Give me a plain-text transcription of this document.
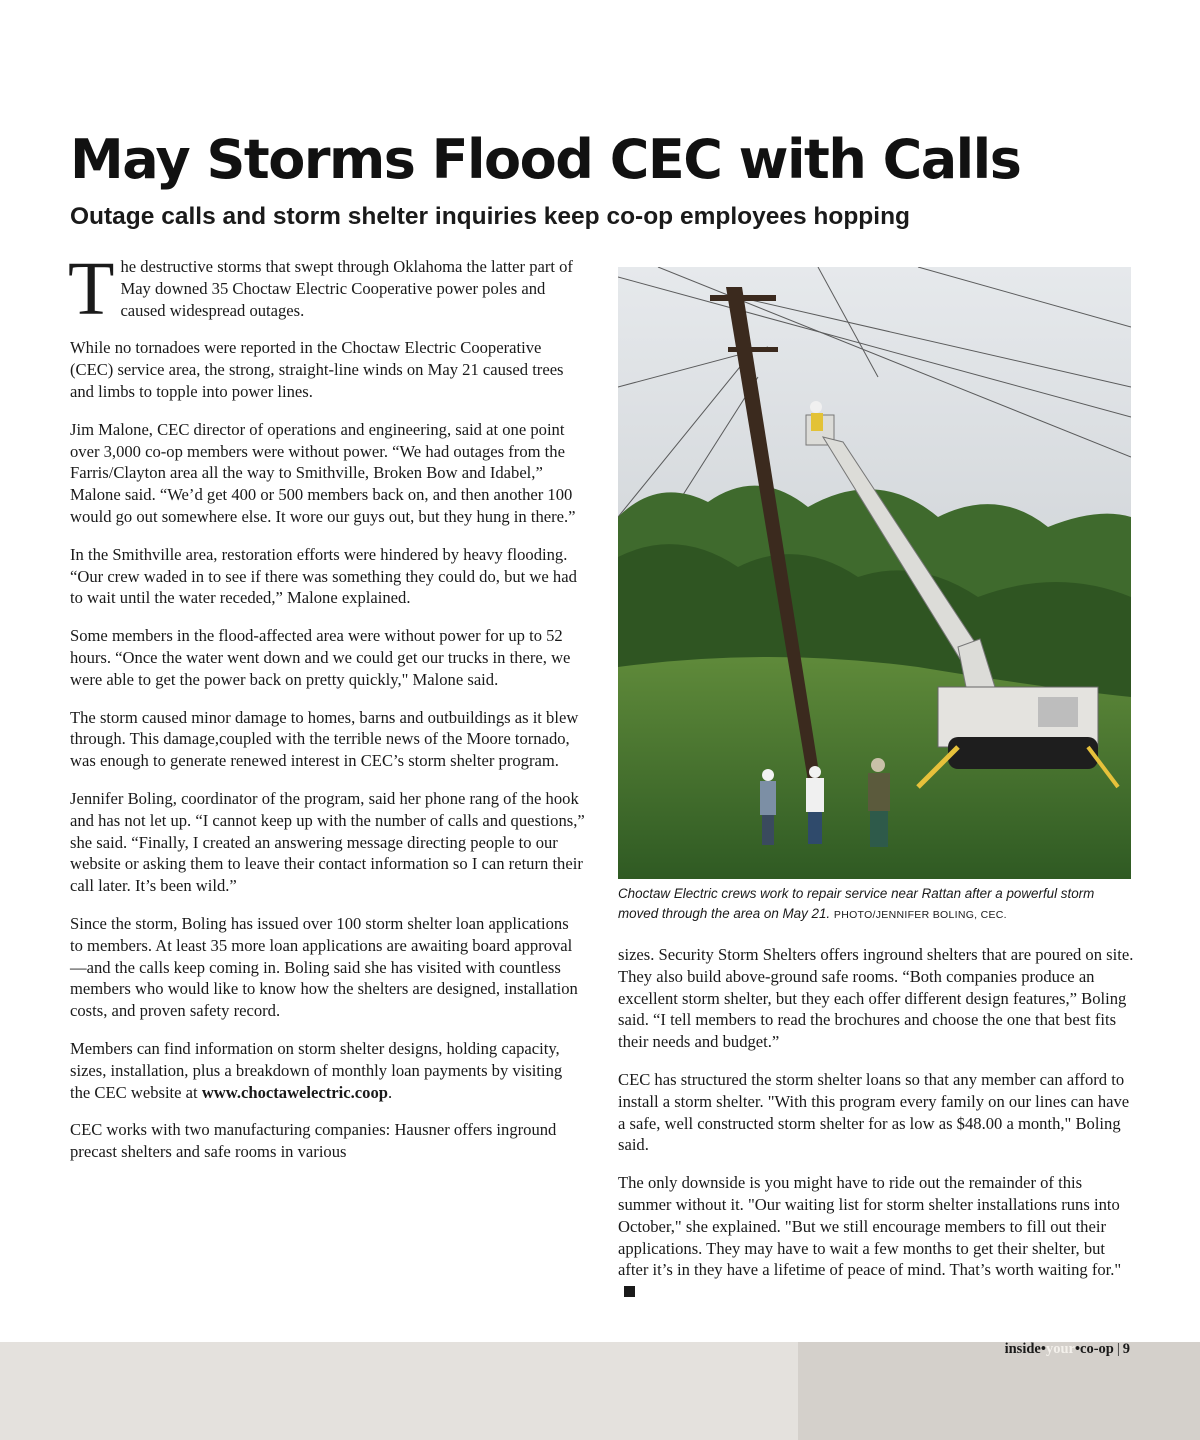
May Storms Flood CEC with Calls
Outage calls and storm shelter inquiries keep co-op employees hopping

The destructive storms that swept through Oklahoma the latter part of May downed 35 Choctaw Electric Cooperative power poles and caused widespread outages.

While no tornadoes were reported in the Choctaw Electric Cooperative (CEC) service area, the strong, straight-line winds on May 21 caused trees and limbs to topple into power lines.

Jim Malone, CEC director of operations and engineering, said at one point over 3,000 co-op members were without power. “We had outages from the Farris/Clayton area all the way to Smithville, Broken Bow and Idabel,” Malone said. “We’d get 400 or 500 members back on, and then another 100 would go out somewhere else. It wore our guys out, but they hung in there.”

In the Smithville area, restoration efforts were hindered by heavy flooding. “Our crew waded in to see if there was something they could do, but we had to wait until the water receded,” Malone explained.

Some members in the flood-affected area were without power for up to 52 hours. “Once the water went down and we could get our trucks in there, we were able to get the power back on pretty quickly," Malone said.

The storm caused minor damage to homes, barns and outbuildings as it blew through. This damage,coupled with the terrible news of the Moore tornado, was enough to generate renewed interest in CEC’s storm shelter program.

Jennifer Boling, coordinator of the program, said her phone rang of the hook and has not let up. “I cannot keep up with the number of calls and questions,” she said. “Finally, I created an answering message directing people to our website or asking them to leave their contact information so I can return their call later. It’s been wild.”

Since the storm, Boling has issued over 100 storm shelter loan applications to members. At least 35 more loan applications are awaiting board approval—and the calls keep coming in. Boling said she has visited with countless members who would like to know how the shelters are designed, installation costs, and proven safety record.

Members can find information on storm shelter designs, holding capacity, sizes, installation, plus a breakdown of monthly loan payments by visiting the CEC website at www.choctawelectric.coop.

CEC works with two manufacturing companies: Hausner offers inground precast shelters and safe rooms in various

Choctaw Electric crews work to repair service near Rattan after a powerful storm moved through the area on May 21. PHOTO/JENNIFER BOLING, CEC.

sizes. Security Storm Shelters offers inground shelters that are poured on site. They also build above-ground safe rooms. “Both companies produce an excellent storm shelter, but they each offer different design features,” Boling said. “I tell members to read the brochures and choose the one that best fits their needs and budget.”

CEC has structured the storm shelter loans so that any member can afford to install a storm shelter. "With this program every family on our lines can have a safe, well constructed storm shelter for as low as $48.00 a month," Boling said.

The only downside is you might have to ride out the remainder of this summer without it. "Our waiting list for storm shelter installations runs into October," she explained. "But we still encourage members to fill out their applications. They may have to wait a few months to get their shelter, but after it’s in they have a lifetime of peace of mind. That’s worth waiting for."

inside•your•co-op | 9
